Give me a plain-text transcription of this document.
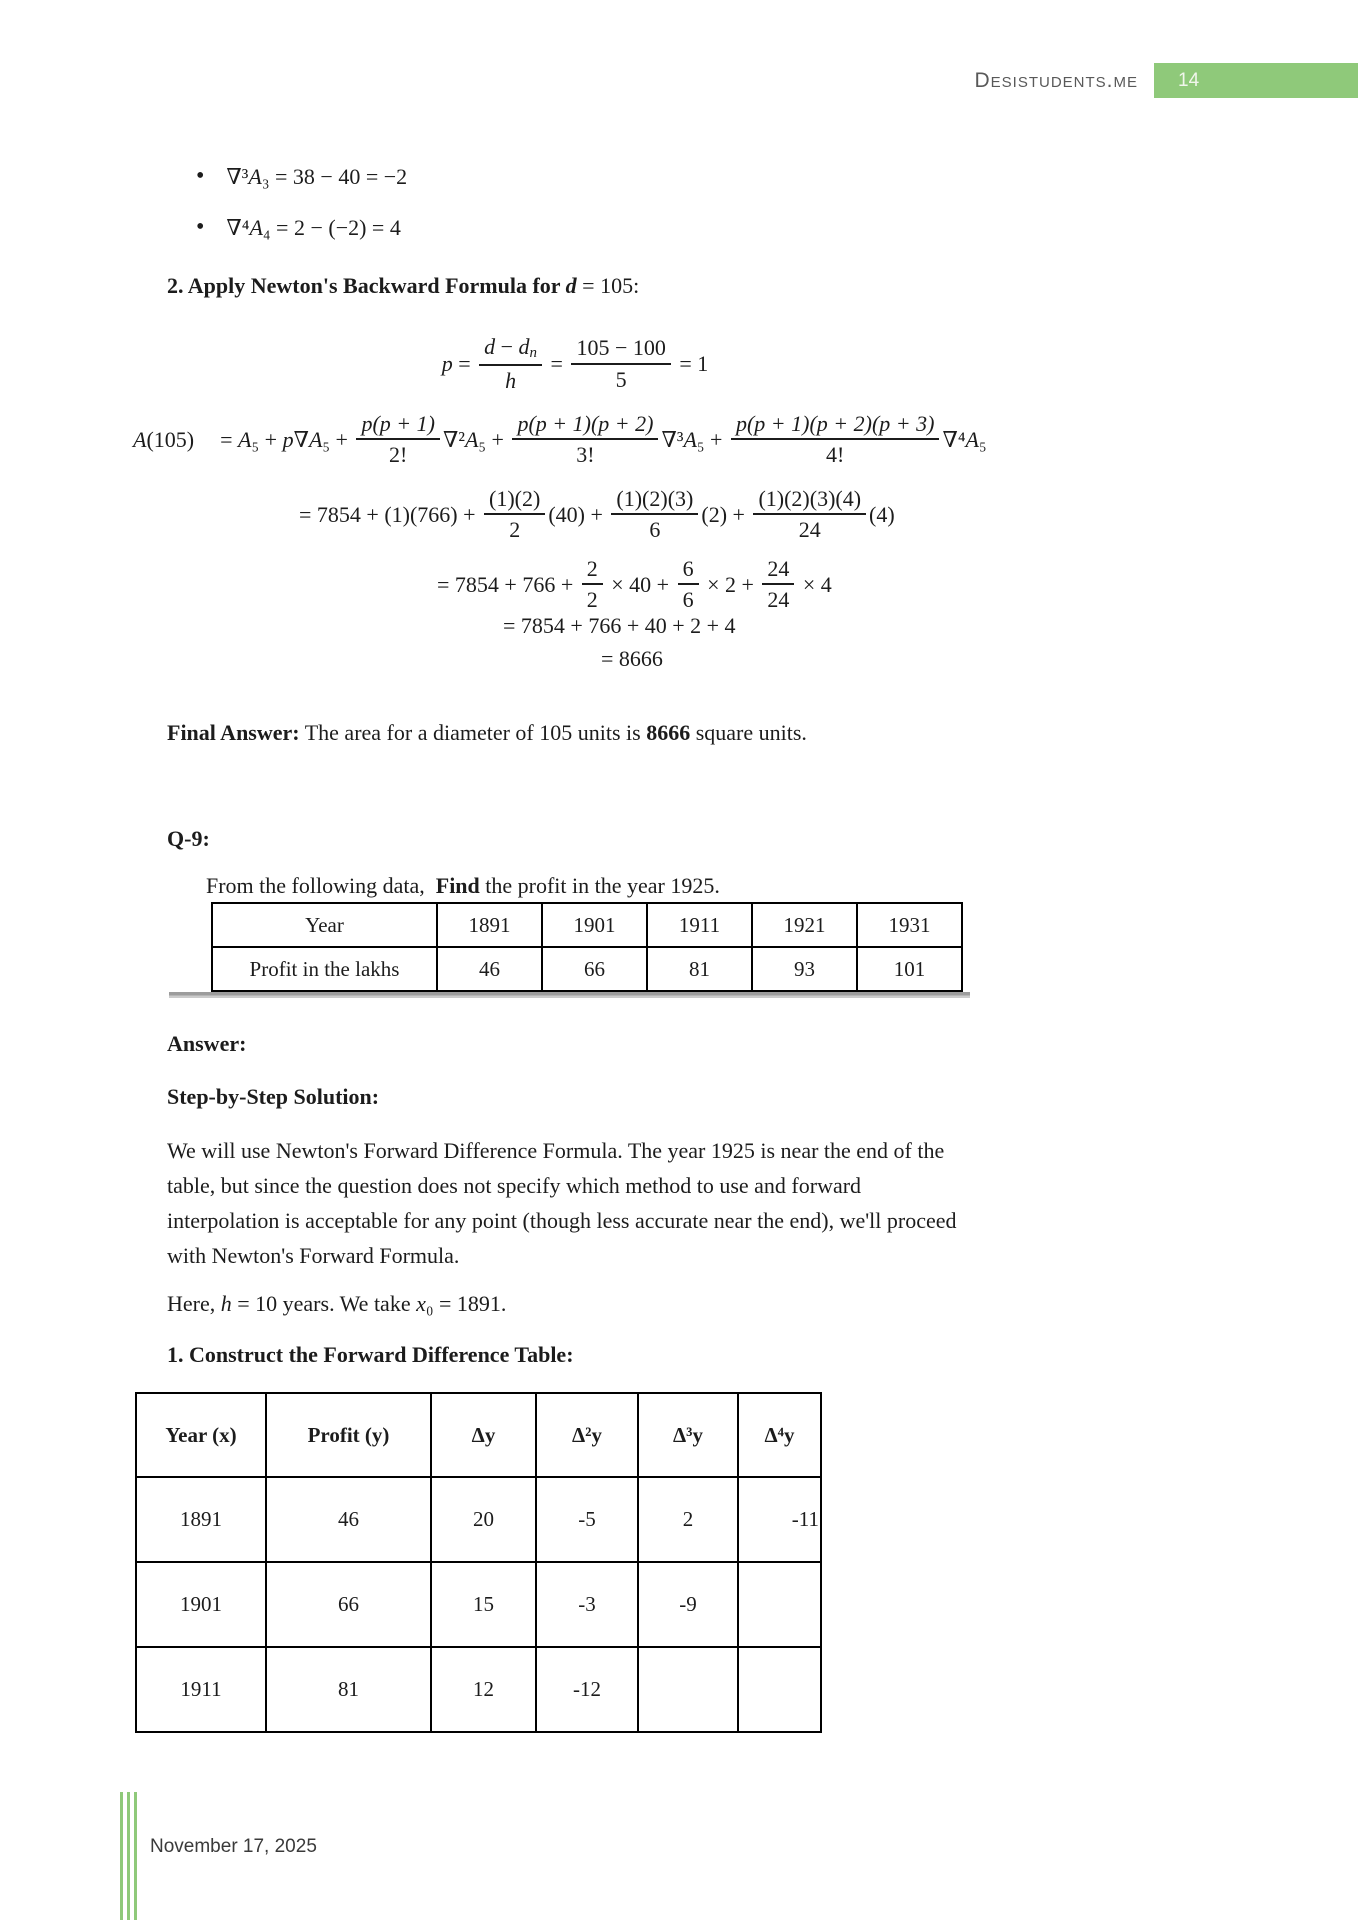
Desistudents.me 14
• ∇³ A ₃ = 38 − 40 = −2
• ∇⁴ A ₄ = 2 − (−2) = 4
2. Apply Newton's Backward Formula for d = 105:
$p = \frac{d - dn}{h} = \frac{105 - 100}{5} = 1$
A (105) = A ₅ + p ∇ A $_5 + \frac{p(p + 1)}{2!} \nabla^2$ A $_5 + \frac{p(p + 1)(p + 2)}{3!} \nabla^3$ A $_5 + \frac{p(p + 1)(p + 2)(p + 3)}{4!} \nabla^4$ A ₅
= $7854 + (1)(766) + \frac{(1)(2)}{2} (40) + \frac{(1)(2)(3)}{6} (2) + \frac{(1)(2)(3)(4)}{24} (4)$
= $7854 + 766 + \frac{2}{2} \times 40 + \frac{6}{6} \times 2 + \frac{24}{24} \times 4$
= 7854 + 766 + 40 + 2 + 4
= 8666
Final Answer: The area for a diameter of 105 units is 8666 square units.
Q-9:
From the following data, Find the profit in the year 1925.
Year	1891	1901	1911	1921	1931
Profit in the lakhs	46	66	81	93	101
Answer:
Step-by-Step Solution:
We will use Newton's Forward Difference Formula. The year 1925 is near the end of the
table, but since the question does not specify which method to use and forward
interpolation is acceptable for any point (though less accurate near the end), we'll proceed
with Newton's Forward Formula.
Here, h = 10 years. We take x ₀ = 1891.
1. Construct the Forward Difference Table:
Year (x)	Profit (y)	Δy	Δ²y	Δ³y	Δ⁴y
1891	46	20	-5	2	-11
1901	66	15	-3	-9	
1911	81	12	-12		
November 17, 2025
